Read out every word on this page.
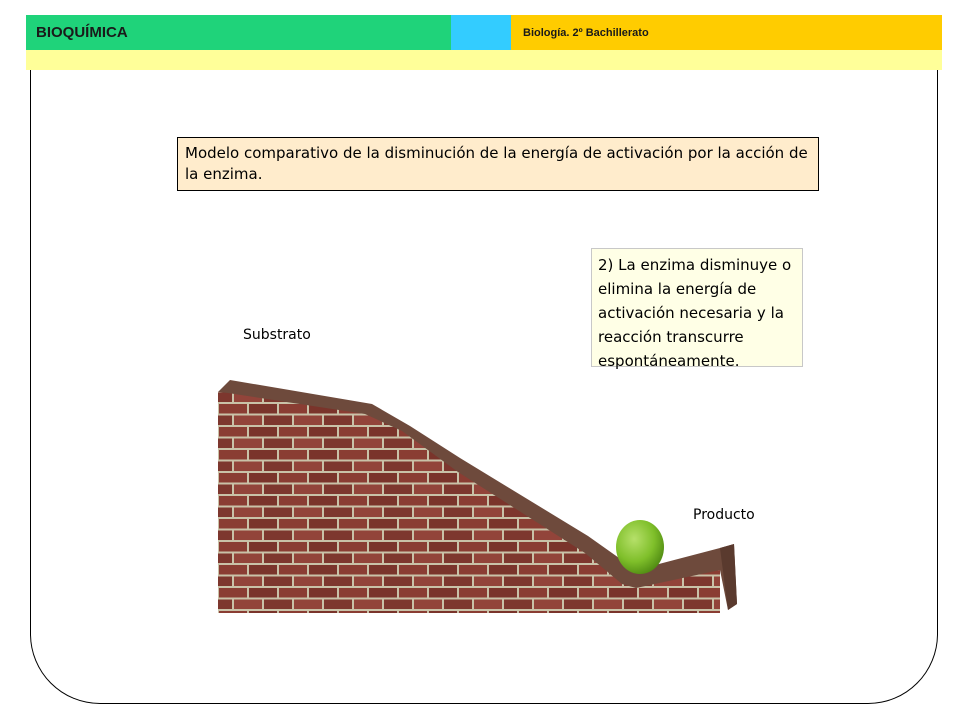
BIOQUÍMICA	Biología. 2º Bachillerato
Modelo comparativo de la disminución de la energía de activación por la acción de la enzima.
Substrato
Producto
2) La enzima disminuye o elimina la energía de activación necesaria y la reacción transcurre espontáneamente.
